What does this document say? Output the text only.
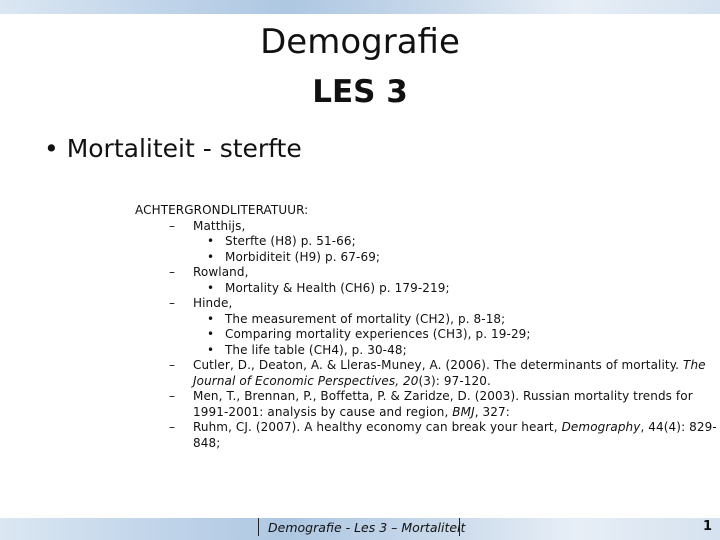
Demografie
LES 3
• Mortaliteit - sterfte
ACHTERGRONDLITERATUUR:
– Matthijs,
• Sterfte (H8) p. 51-66;
• Morbiditeit (H9) p. 67-69;
– Rowland,
• Mortality & Health (CH6) p. 179-219;
– Hinde,
• The measurement of mortality (CH2), p. 8-18;
• Comparing mortality experiences (CH3), p. 19-29;
• The life table (CH4), p. 30-48;
– Cutler, D., Deaton, A. & Lleras-Muney, A. (2006). The determinants of mortality. The
Journal of Economic Perspectives, 20(3): 97-120.
– Men, T., Brennan, P., Boffetta, P. & Zaridze, D. (2003). Russian mortality trends for
1991-2001: analysis by cause and region, BMJ, 327:
– Ruhm, CJ. (2007). A healthy economy can break your heart, Demography, 44(4): 829-
848;
Demografie - Les 3 – Mortaliteit	1
